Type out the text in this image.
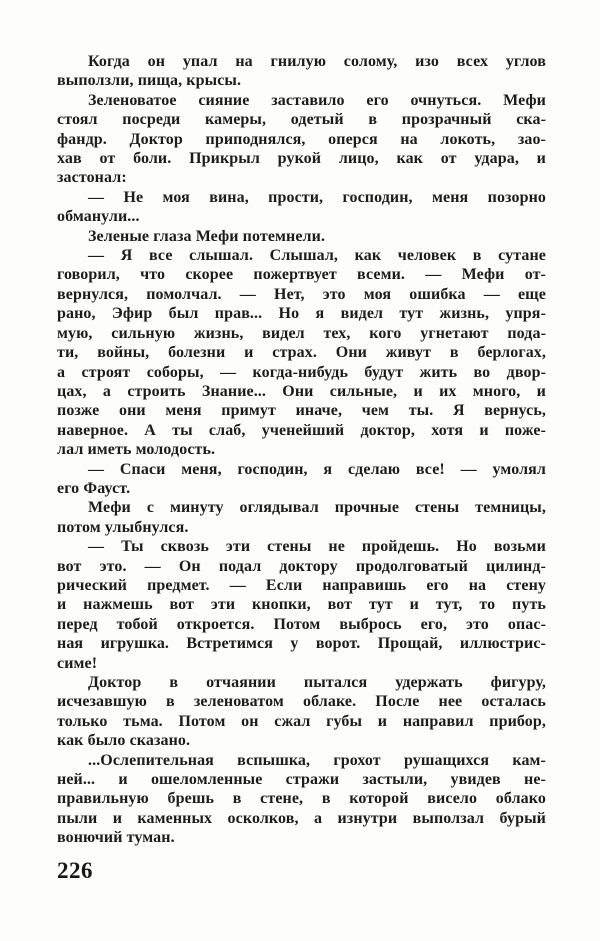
Когда он упал на гнилую солому, изо всех углов
выползли, пища, крысы.
Зеленоватое сияние заставило его очнуться. Мефи
стоял посреди камеры, одетый в прозрачный ска-
фандр. Доктор приподнялся, оперся на локоть, зао-
хав от боли. Прикрыл рукой лицо, как от удара, и
застонал:
— Не моя вина, прости, господин, меня позорно
обманули...
Зеленые глаза Мефи потемнели.
— Я все слышал. Слышал, как человек в сутане
говорил, что скорее пожертвует всеми. — Мефи от-
вернулся, помолчал. — Нет, это моя ошибка — еще
рано, Эфир был прав... Но я видел тут жизнь, упря-
мую, сильную жизнь, видел тех, кого угнетают пода-
ти, войны, болезни и страх. Они живут в берлогах,
а строят соборы, — когда-нибудь будут жить во двор-
цах, а строить Знание... Они сильные, и их много, и
позже они меня примут иначе, чем ты. Я вернусь,
наверное. А ты слаб, ученейший доктор, хотя и поже-
лал иметь молодость.
— Спаси меня, господин, я сделаю все! — умолял
его Фауст.
Мефи с минуту оглядывал прочные стены темницы,
потом улыбнулся.
— Ты сквозь эти стены не пройдешь. Но возьми
вот это. — Он подал доктору продолговатый цилинд-
рический предмет. — Если направишь его на стену
и нажмешь вот эти кнопки, вот тут и тут, то путь
перед тобой откроется. Потом выбрось его, это опас-
ная игрушка. Встретимся у ворот. Прощай, иллюстрис-
симе!
Доктор в отчаянии пытался удержать фигуру,
исчезавшую в зеленоватом облаке. После нее осталась
только тьма. Потом он сжал губы и направил прибор,
как было сказано.
...Ослепительная вспышка, грохот рушащихся кам-
ней... и ошеломленные стражи застыли, увидев не-
правильную брешь в стене, в которой висело облако
пыли и каменных осколков, а изнутри выползал бурый
вонючий туман.
226
